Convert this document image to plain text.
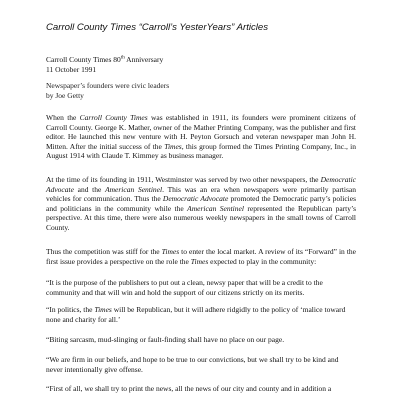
Carroll County Times “Carroll’s YesterYears” Articles

Carroll County Times 80th Anniversary

11 October 1991

Newspaper’s founders were civic leaders

by Joe Getty

When the Carroll County Times was established in 1911, its founders were prominent citizens of Carroll County. George K. Mather, owner of the Mather Printing Company, was the publisher and first editor. He launched this new venture with H. Peyton Gorsuch and veteran newspaper man John H. Mitten. After the initial success of the Times, this group formed the Times Printing Company, Inc., in August 1914 with Claude T. Kimmey as business manager.

At the time of its founding in 1911, Westminster was served by two other newspapers, the Democratic Advocate and the American Sentinel. This was an era when newspapers were primarily partisan vehicles for communication. Thus the Democratic Advocate promoted the Democratic party’s policies and politicians in the community while the American Sentinel represented the Republican party’s perspective. At this time, there were also numerous weekly newspapers in the small towns of Carroll County.

Thus the competition was stiff for the Times to enter the local market. A review of its “Forward” in the first issue provides a perspective on the role the Times expected to play in the community:

“It is the purpose of the publishers to put out a clean, newsy paper that will be a credit to the community and that will win and hold the support of our citizens strictly on its merits.

“In politics, the Times will be Republican, but it will adhere ridgidly to the policy of ‘malice toward none and charity for all.’

“Biting sarcasm, mud-slinging or fault-finding shall have no place on our page.

“We are firm in our beliefs, and hope to be true to our convictions, but we shall try to be kind and never intentionally give offense.

“First of all, we shall try to print the news, all the news of our city and county and in addition a
